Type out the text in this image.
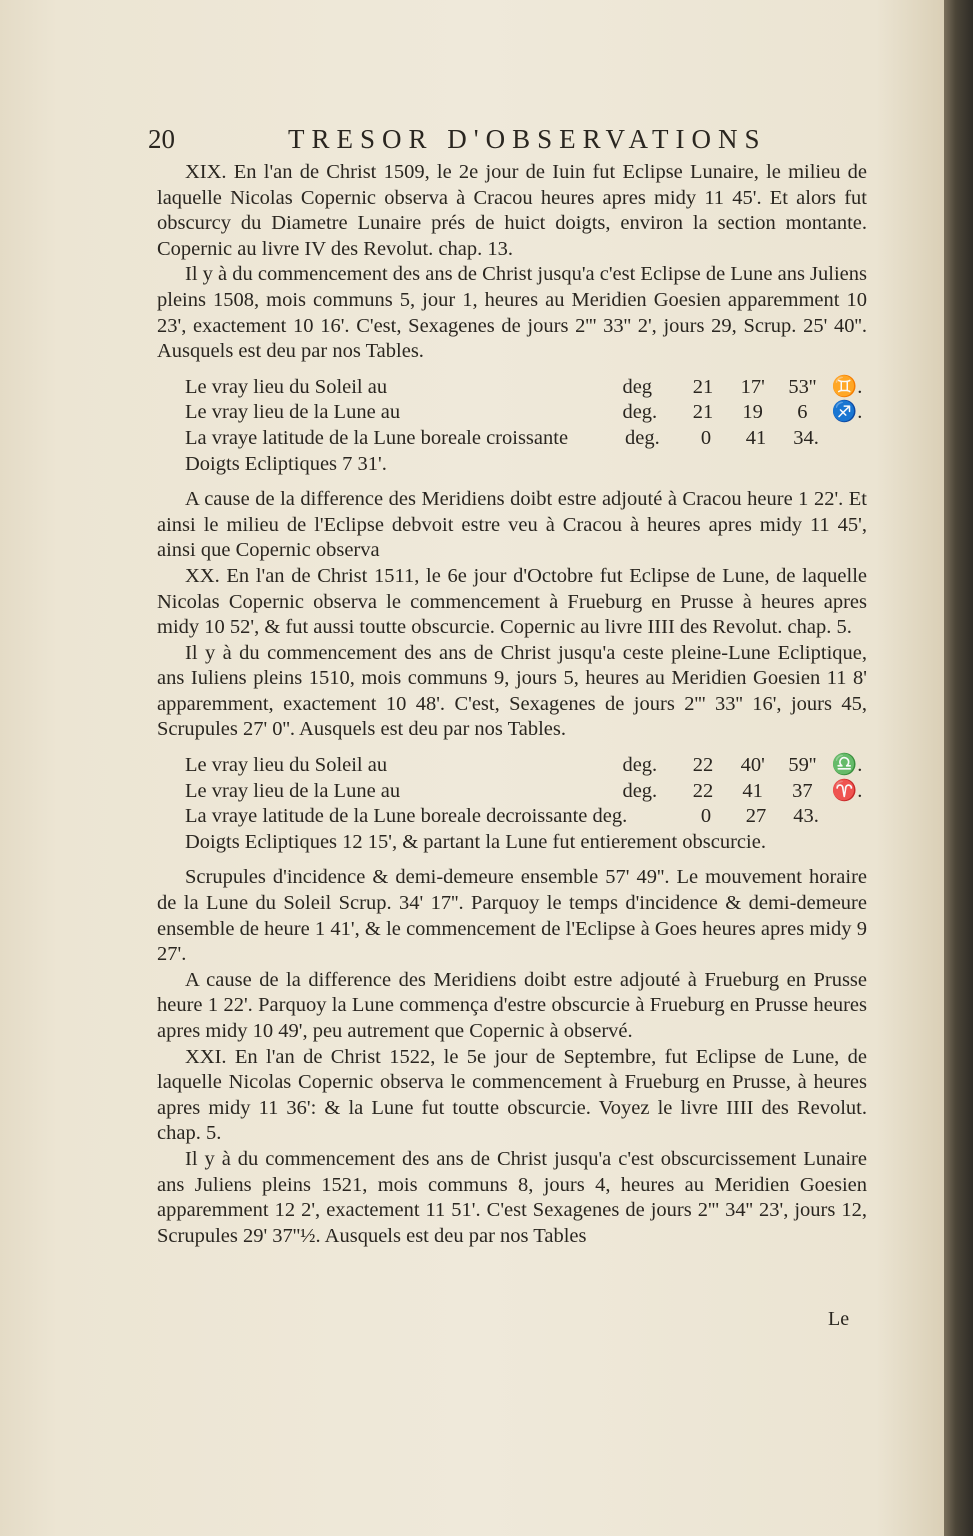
20	TRESOR D'OBSERVATIONS

XIX. En l'an de Christ 1509, le 2e jour de Iuin fut Eclipse Lunaire, le milieu de laquelle Nicolas Copernic observa à Cracou heures apres midy 11 45'. Et alors fut obscurcy du Diametre Lunaire prés de huict doigts, environ la section montante. Copernic au livre IV des Revolut. chap. 13.

Il y à du commencement des ans de Christ jusqu'a c'est Eclipse de Lune ans Juliens pleins 1508, mois communs 5, jour 1, heures au Meridien Goesien apparemment 10 23', exactement 10 16'. C'est, Sexagenes de jours 2''' 33'' 2', jours 29, Scrup. 25' 40''. Ausquels est deu par nos Tables.

Le vray lieu du Soleil au	deg	21	17'	53'' ♊.
Le vray lieu de la Lune au	deg.	21	19	6	♐.
La vraye latitude de la Lune boreale croissante	deg.	0	41	34.
Doigts Ecliptiques 7 31'.

A cause de la difference des Meridiens doibt estre adjouté à Cracou heure 1 22'. Et ainsi le milieu de l'Eclipse debvoit estre veu à Cracou à heures apres midy 11 45', ainsi que Copernic observa

XX. En l'an de Christ 1511, le 6e jour d'Octobre fut Eclipse de Lune, de laquelle Nicolas Copernic observa le commencement à Frueburg en Prusse à heures apres midy 10 52', & fut aussi toutte obscurcie. Copernic au livre IIII des Revolut. chap. 5.

Il y à du commencement des ans de Christ jusqu'a ceste pleine-Lune Ecliptique, ans Iuliens pleins 1510, mois communs 9, jours 5, heures au Meridien Goesien 11 8' apparemment, exactement 10 48'. C'est, Sexagenes de jours 2''' 33'' 16', jours 45, Scrupules 27' 0''. Ausquels est deu par nos Tables.

Le vray lieu du Soleil au	deg.	22	40'	59'' ♎.
Le vray lieu de la Lune au	deg.	22	41	37 ♈.
La vraye latitude de la Lune boreale decroissante deg.	0	27	43.
Doigts Ecliptiques 12 15', & partant la Lune fut entierement obscurcie.

Scrupules d'incidence & demi-demeure ensemble 57' 49''. Le mouvement horaire de la Lune du Soleil Scrup. 34' 17''. Parquoy le temps d'incidence & demi-demeure ensemble de heure 1 41', & le commencement de l'Eclipse à Goes heures apres midy 9 27'.

A cause de la difference des Meridiens doibt estre adjouté à Frueburg en Prusse heure 1 22'. Parquoy la Lune commença d'estre obscurcie à Frueburg en Prusse heures apres midy 10 49', peu autrement que Copernic à observé.

XXI. En l'an de Christ 1522, le 5e jour de Septembre, fut Eclipse de Lune, de laquelle Nicolas Copernic observa le commencement à Frueburg en Prusse, à heures apres midy 11 36': & la Lune fut toutte obscurcie. Voyez le livre IIII des Revolut. chap. 5.

Il y à du commencement des ans de Christ jusqu'a c'est obscurcissement Lunaire ans Juliens pleins 1521, mois communs 8, jours 4, heures au Meridien Goesien apparemment 12 2', exactement 11 51'. C'est Sexagenes de jours 2''' 34'' 23', jours 12, Scrupules 29' 37''½. Ausquels est deu par nos Tables

Le
